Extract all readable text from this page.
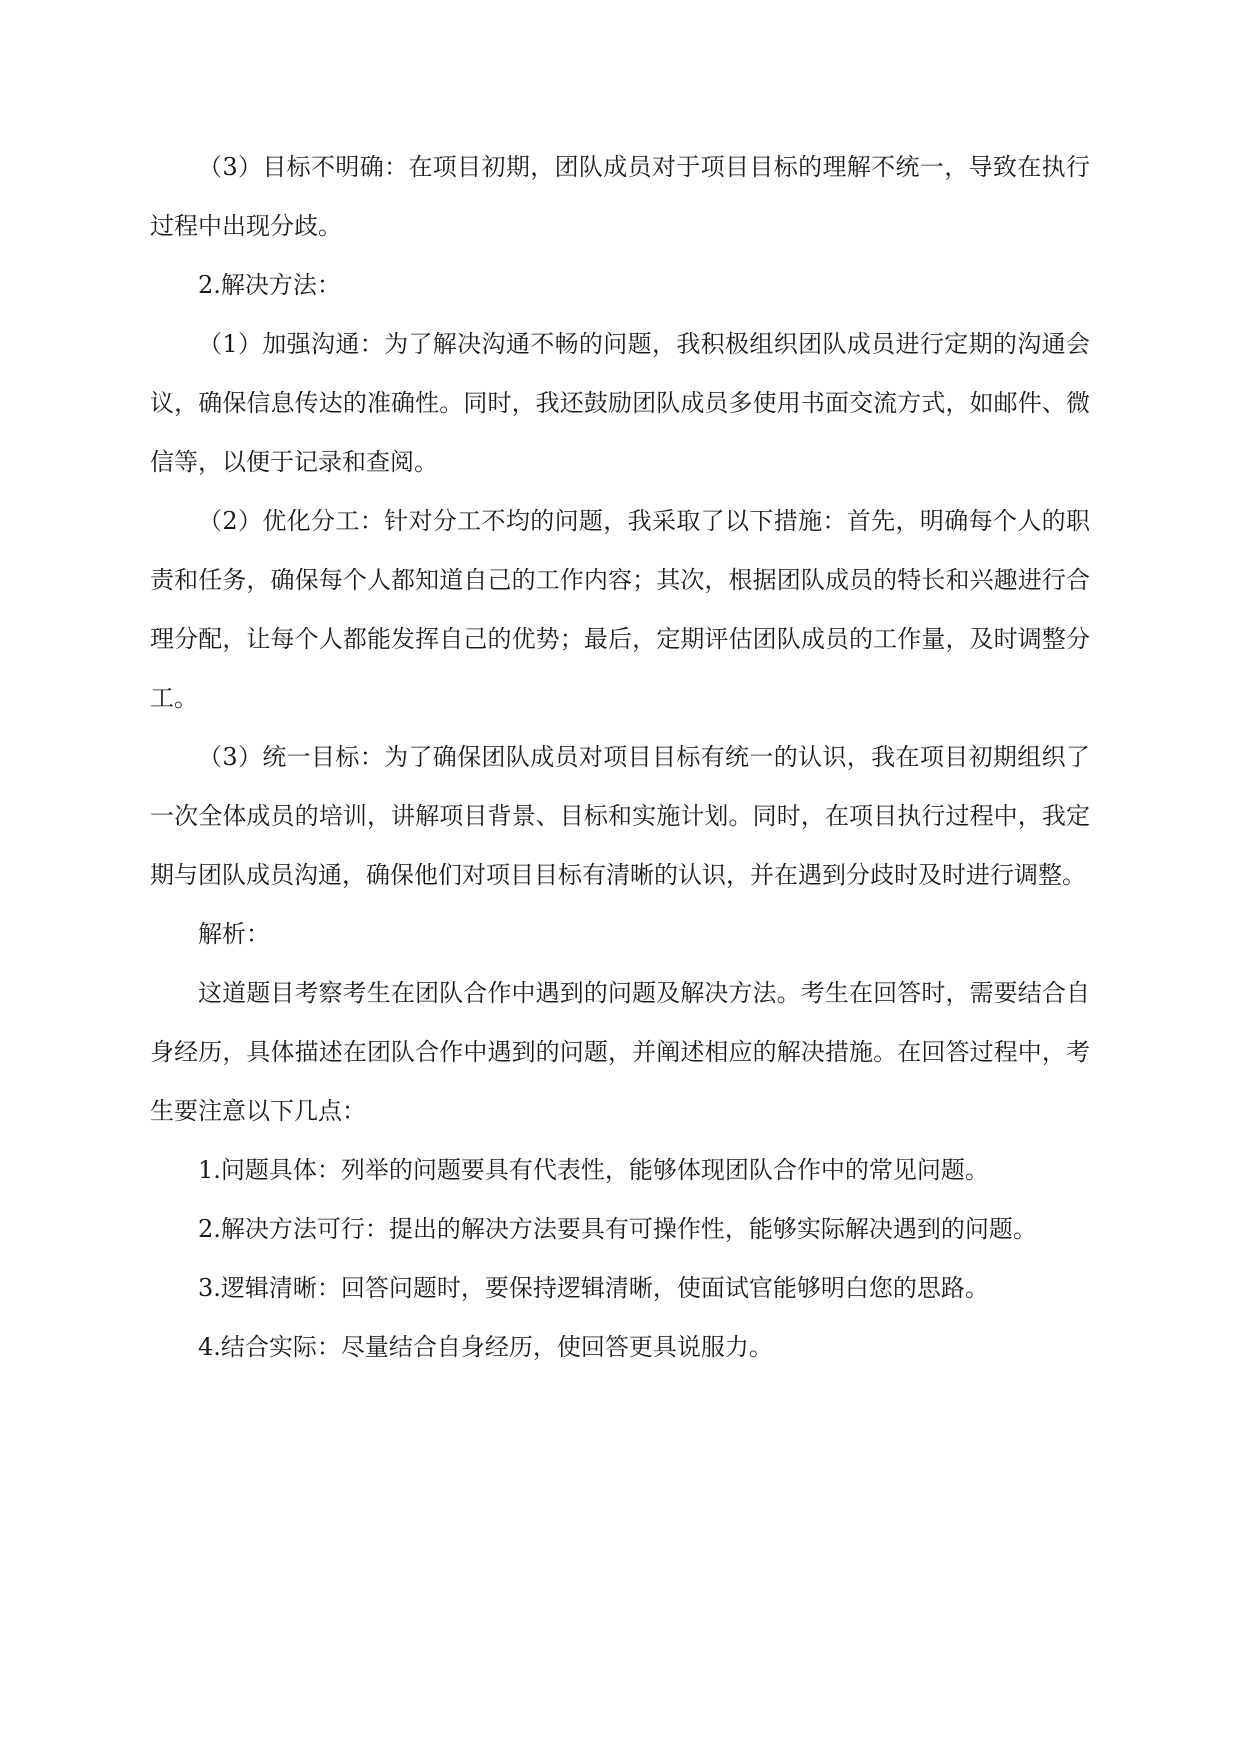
（3）目标不明确：在项目初期，团队成员对于项目目标的理解不统一，导致在执行过程中出现分歧。

2.解决方法：

（1）加强沟通：为了解决沟通不畅的问题，我积极组织团队成员进行定期的沟通会议，确保信息传达的准确性。同时，我还鼓励团队成员多使用书面交流方式，如邮件、微信等，以便于记录和查阅。

（2）优化分工：针对分工不均的问题，我采取了以下措施：首先，明确每个人的职责和任务，确保每个人都知道自己的工作内容；其次，根据团队成员的特长和兴趣进行合理分配，让每个人都能发挥自己的优势；最后，定期评估团队成员的工作量，及时调整分工。

（3）统一目标：为了确保团队成员对项目目标有统一的认识，我在项目初期组织了一次全体成员的培训，讲解项目背景、目标和实施计划。同时，在项目执行过程中，我定期与团队成员沟通，确保他们对项目目标有清晰的认识，并在遇到分歧时及时进行调整。

解析：

这道题目考察考生在团队合作中遇到的问题及解决方法。考生在回答时，需要结合自身经历，具体描述在团队合作中遇到的问题，并阐述相应的解决措施。在回答过程中，考生要注意以下几点：

1.问题具体：列举的问题要具有代表性，能够体现团队合作中的常见问题。

2.解决方法可行：提出的解决方法要具有可操作性，能够实际解决遇到的问题。

3.逻辑清晰：回答问题时，要保持逻辑清晰，使面试官能够明白您的思路。

4.结合实际：尽量结合自身经历，使回答更具说服力。
